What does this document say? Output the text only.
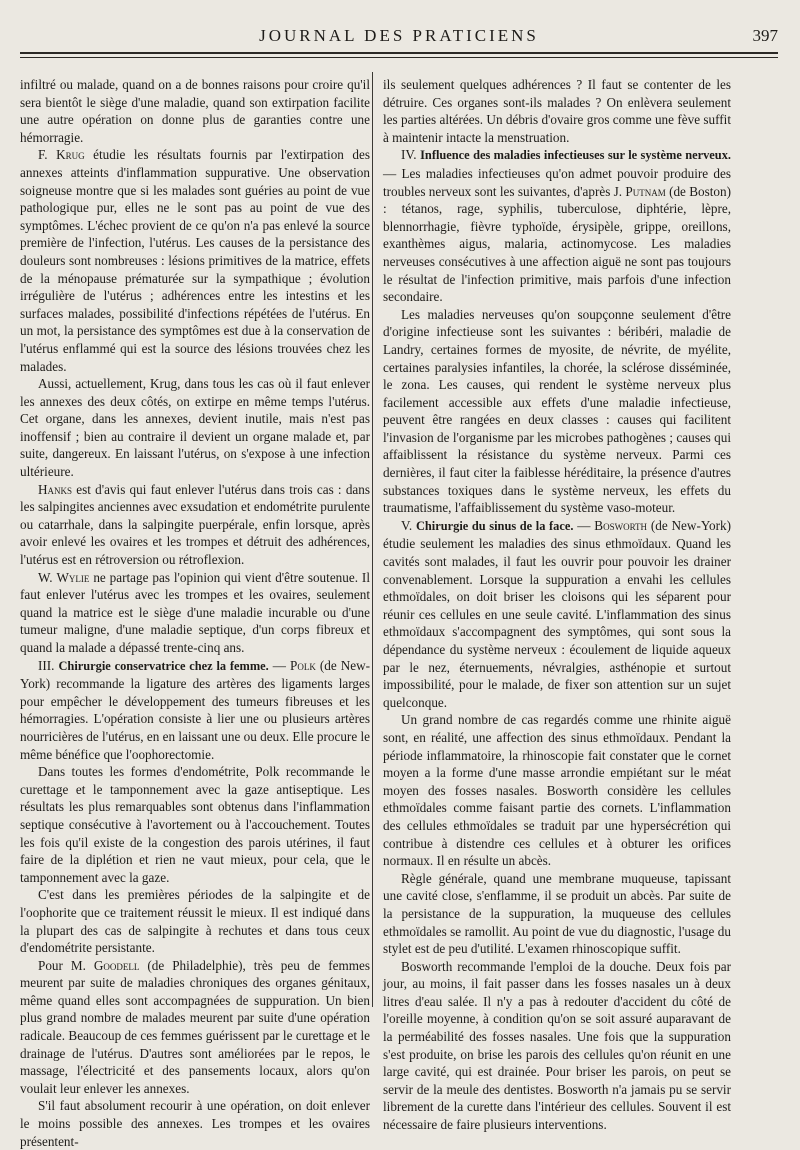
JOURNAL DES PRATICIENS	397

infiltré ou malade, quand on a de bonnes raisons pour croire qu'il sera bientôt le siège d'une maladie, quand son extirpation facilite une autre opération on donne plus de garanties contre une hémorragie.

F. Krug étudie les résultats fournis par l'extirpation des annexes atteints d'inflammation suppurative. Une observation soigneuse montre que si les malades sont guéries au point de vue pathologique pur, elles ne le sont pas au point de vue des symptômes. L'échec provient de ce qu'on n'a pas enlevé la source première de l'infection, l'utérus. Les causes de la persistance des douleurs sont nombreuses : lésions primitives de la matrice, effets de la ménopause prématurée sur la sympathique ; évolution irrégulière de l'utérus ; adhérences entre les intestins et les surfaces malades, possibilité d'infections répétées de l'utérus. En un mot, la persistance des symptômes est due à la conservation de l'utérus enflammé qui est la source des lésions trouvées chez les malades.

Aussi, actuellement, Krug, dans tous les cas où il faut enlever les annexes des deux côtés, on extirpe en même temps l'utérus. Cet organe, dans les annexes, devient inutile, mais n'est pas inoffensif ; bien au contraire il devient un organe malade et, par suite, dangereux. En laissant l'utérus, on s'expose à une infection ultérieure.

Hanks est d'avis qui faut enlever l'utérus dans trois cas : dans les salpingites anciennes avec exsudation et endométrite purulente ou catarrhale, dans la salpingite puerpérale, enfin lorsque, après avoir enlevé les ovaires et les trompes et détruit des adhérences, l'utérus est en rétroversion ou rétroflexion.

W. Wylie ne partage pas l'opinion qui vient d'être soutenue. Il faut enlever l'utérus avec les trompes et les ovaires, seulement quand la matrice est le siège d'une maladie incurable ou d'une tumeur maligne, d'une maladie septique, d'un corps fibreux et quand la malade a dépassé trente-cinq ans.

III. Chirurgie conservatrice chez la femme. — Polk (de New-York) recommande la ligature des artères des ligaments larges pour empêcher le développement des tumeurs fibreuses et les hémorragies. L'opération consiste à lier une ou plusieurs artères nourricières de l'utérus, en en laissant une ou deux. Elle procure le même bénéfice que l'oophorectomie.

Dans toutes les formes d'endométrite, Polk recommande le curettage et le tamponnement avec la gaze antiseptique. Les résultats les plus remarquables sont obtenus dans l'inflammation septique consécutive à l'avortement ou à l'accouchement. Toutes les fois qu'il existe de la congestion des parois utérines, il faut faire de la diplétion et rien ne vaut mieux, pour cela, que le tamponnement avec la gaze.

C'est dans les premières périodes de la salpingite et de l'oophorite que ce traitement réussit le mieux. Il est indiqué dans la plupart des cas de salpingite à rechutes et dans tous ceux d'endométrite persistante.

Pour M. Goodell (de Philadelphie), très peu de femmes meurent par suite de maladies chroniques des organes génitaux, même quand elles sont accompagnées de suppuration. Un bien plus grand nombre de malades meurent par suite d'une opération radicale. Beaucoup de ces femmes guérissent par le curettage et le drainage de l'utérus. D'autres sont améliorées par le repos, le massage, l'électricité et des pansements locaux, alors qu'on voulait leur enlever les annexes.

S'il faut absolument recourir à une opération, on doit enlever le moins possible des annexes. Les trompes et les ovaires présentent-

ils seulement quelques adhérences ? Il faut se contenter de les détruire. Ces organes sont-ils malades ? On enlèvera seulement les parties altérées. Un débris d'ovaire gros comme une fève suffit à maintenir intacte la menstruation.

IV. Influence des maladies infectieuses sur le système nerveux. — Les maladies infectieuses qu'on admet pouvoir produire des troubles nerveux sont les suivantes, d'après J. Putnam (de Boston) : tétanos, rage, syphilis, tuberculose, diphtérie, lèpre, blennorrhagie, fièvre typhoïde, érysipèle, grippe, oreillons, exanthèmes aigus, malaria, actinomycose. Les maladies nerveuses consécutives à une affection aiguë ne sont pas toujours le résultat de l'infection primitive, mais parfois d'une infection secondaire.

Les maladies nerveuses qu'on soupçonne seulement d'être d'origine infectieuse sont les suivantes : béribéri, maladie de Landry, certaines formes de myosite, de névrite, de myélite, certaines paralysies infantiles, la chorée, la sclérose disséminée, le zona. Les causes, qui rendent le système nerveux plus facilement accessible aux effets d'une maladie infectieuse, peuvent être rangées en deux classes : causes qui facilitent l'invasion de l'organisme par les microbes pathogènes ; causes qui affaiblissent la résistance du système nerveux. Parmi ces dernières, il faut citer la faiblesse héréditaire, la présence d'autres substances toxiques dans le système nerveux, les effets du traumatisme, l'affaiblissement du système vaso-moteur.

V. Chirurgie du sinus de la face. — Bosworth (de New-York) étudie seulement les maladies des sinus ethmoïdaux. Quand les cavités sont malades, il faut les ouvrir pour pouvoir les drainer convenablement. Lorsque la suppuration a envahi les cellules ethmoïdales, on doit briser les cloisons qui les séparent pour réunir ces cellules en une seule cavité. L'inflammation des sinus ethmoïdaux s'accompagnent des symptômes, qui sont sous la dépendance du système nerveux : écoulement de liquide aqueux par le nez, éternuements, névralgies, asthénopie et surtout impossibilité, pour le malade, de fixer son attention sur un sujet quelconque.

Un grand nombre de cas regardés comme une rhinite aiguë sont, en réalité, une affection des sinus ethmoïdaux. Pendant la période inflammatoire, la rhinoscopie fait constater que le cornet moyen a la forme d'une masse arrondie empiétant sur le méat moyen des fosses nasales. Bosworth considère les cellules ethmoïdales comme faisant partie des cornets. L'inflammation des cellules ethmoïdales se traduit par une hypersécrétion qui contribue à distendre ces cellules et à obturer les orifices normaux. Il en résulte un abcès.

Règle générale, quand une membrane muqueuse, tapissant une cavité close, s'enflamme, il se produit un abcès. Par suite de la persistance de la suppuration, la muqueuse des cellules ethmoïdales se ramollit. Au point de vue du diagnostic, l'usage du stylet est de peu d'utilité. L'examen rhinoscopique suffit.

Bosworth recommande l'emploi de la douche. Deux fois par jour, au moins, il fait passer dans les fosses nasales un à deux litres d'eau salée. Il n'y a pas à redouter d'accident du côté de l'oreille moyenne, à condition qu'on se soit assuré auparavant de la perméabilité des fosses nasales. Une fois que la suppuration s'est produite, on brise les parois des cellules qu'on réunit en une large cavité, qui est drainée. Pour briser les parois, on peut se servir de la meule des dentistes. Bosworth n'a jamais pu se servir librement de la curette dans l'intérieur des cellules. Souvent il est nécessaire de faire plusieurs interventions.
